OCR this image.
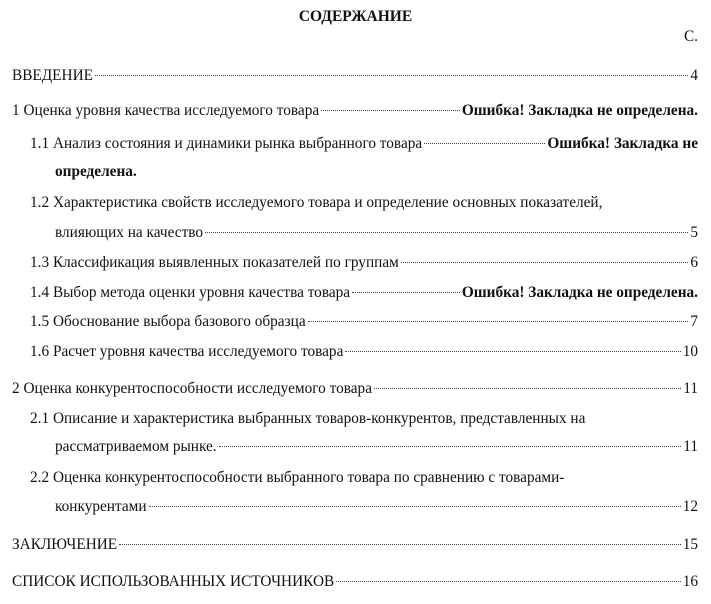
СОДЕРЖАНИЕ
С.
ВВЕДЕНИЕ	4
1 Оценка уровня качества исследуемого товара	Ошибка! Закладка не определена.
1.1 Анализ состояния и динамики рынка выбранного товара	Ошибка! Закладка не
определена.
1.2 Характеристика свойств исследуемого товара и определение основных показателей,
влияющих на качество	5
1.3 Классификация выявленных показателей по группам	6
1.4 Выбор метода оценки уровня качества товара	Ошибка! Закладка не определена.
1.5 Обоснование выбора базового образца	7
1.6 Расчет уровня качества исследуемого товара	10
2 Оценка конкурентоспособности исследуемого товара	11
2.1 Описание и характеристика выбранных товаров-конкурентов, представленных на
рассматриваемом рынке.	11
2.2 Оценка конкурентоспособности выбранного товара по сравнению с товарами-
конкурентами	12
ЗАКЛЮЧЕНИЕ	15
СПИСОК ИСПОЛЬЗОВАННЫХ ИСТОЧНИКОВ	16
